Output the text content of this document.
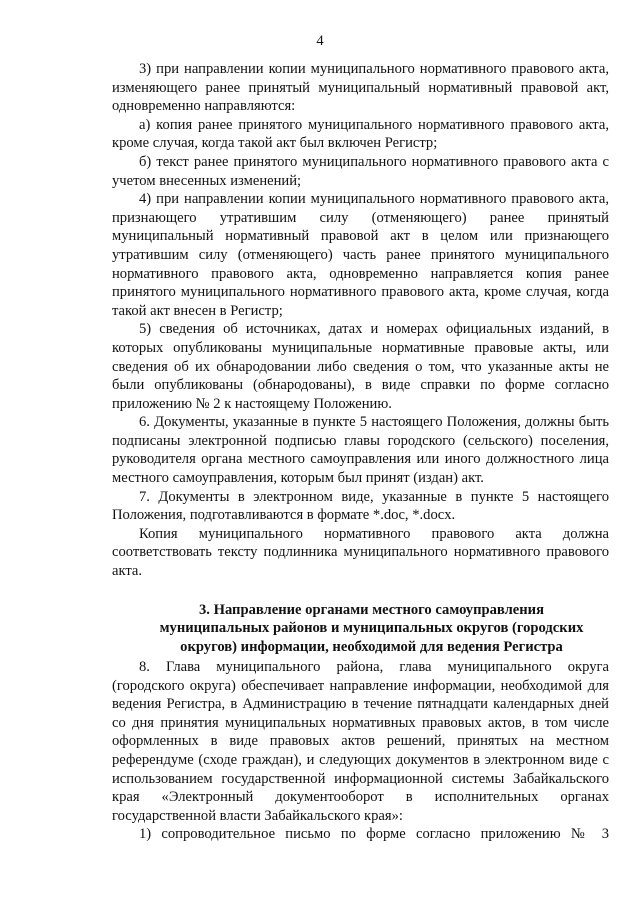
4

3) при направлении копии муниципального нормативного правового акта, изменяющего ранее принятый муниципальный нормативный правовой акт, одновременно направляются:

а) копия ранее принятого муниципального нормативного правового акта, кроме случая, когда такой акт был включен Регистр;

б) текст ранее принятого муниципального нормативного правового акта с учетом внесенных изменений;

4) при направлении копии муниципального нормативного правового акта, признающего утратившим силу (отменяющего) ранее принятый муниципальный нормативный правовой акт в целом или признающего утратившим силу (отменяющего) часть ранее принятого муниципального нормативного правового акта, одновременно направляется копия ранее принятого муниципального нормативного правового акта, кроме случая, когда такой акт внесен в Регистр;

5) сведения об источниках, датах и номерах официальных изданий, в которых опубликованы муниципальные нормативные правовые акты, или сведения об их обнародовании либо сведения о том, что указанные акты не были опубликованы (обнародованы), в виде справки по форме согласно приложению № 2 к настоящему Положению.

6. Документы, указанные в пункте 5 настоящего Положения, должны быть подписаны электронной подписью главы городского (сельского) поселения, руководителя органа местного самоуправления или иного должностного лица местного самоуправления, которым был принят (издан) акт.

7. Документы в электронном виде, указанные в пункте 5 настоящего Положения, подготавливаются в формате *.doc, *.docx.

Копия муниципального нормативного правового акта должна соответствовать тексту подлинника муниципального нормативного правового акта.

3. Направление органами местного самоуправления муниципальных районов и муниципальных округов (городских округов) информации, необходимой для ведения Регистра

8. Глава муниципального района, глава муниципального округа (городского округа) обеспечивает направление информации, необходимой для ведения Регистра, в Администрацию в течение пятнадцати календарных дней со дня принятия муниципальных нормативных правовых актов, в том числе оформленных в виде правовых актов решений, принятых на местном референдуме (сходе граждан), и следующих документов в электронном виде с использованием государственной информационной системы Забайкальского края «Электронный документооборот в исполнительных органах государственной власти Забайкальского края»:

1) сопроводительное письмо по форме согласно приложению № 3
